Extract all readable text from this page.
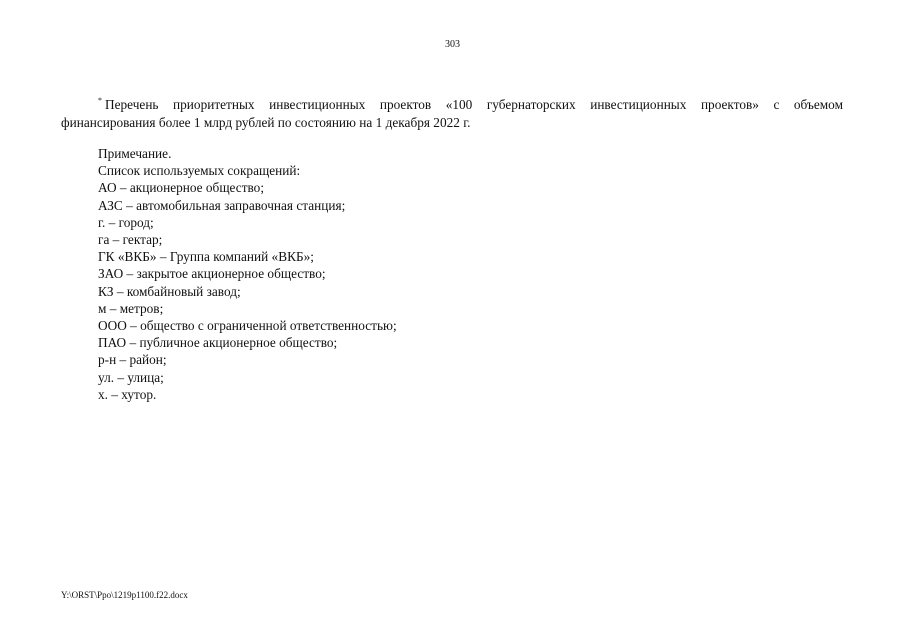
303
* Перечень приоритетных инвестиционных проектов «100 губернаторских инвестиционных проектов» с объемом
финансирования более 1 млрд рублей по состоянию на 1 декабря 2022 г.
Примечание.
Список используемых сокращений:
АО – акционерное общество;
АЗС – автомобильная заправочная станция;
г. – город;
га – гектар;
ГК «ВКБ» – Группа компаний «ВКБ»;
ЗАО – закрытое акционерное общество;
КЗ – комбайновый завод;
м – метров;
ООО – общество с ограниченной ответственностью;
ПАО – публичное акционерное общество;
р-н – район;
ул. – улица;
х. – хутор.
Y:\ORST\Ppo\1219p1100.f22.docx
